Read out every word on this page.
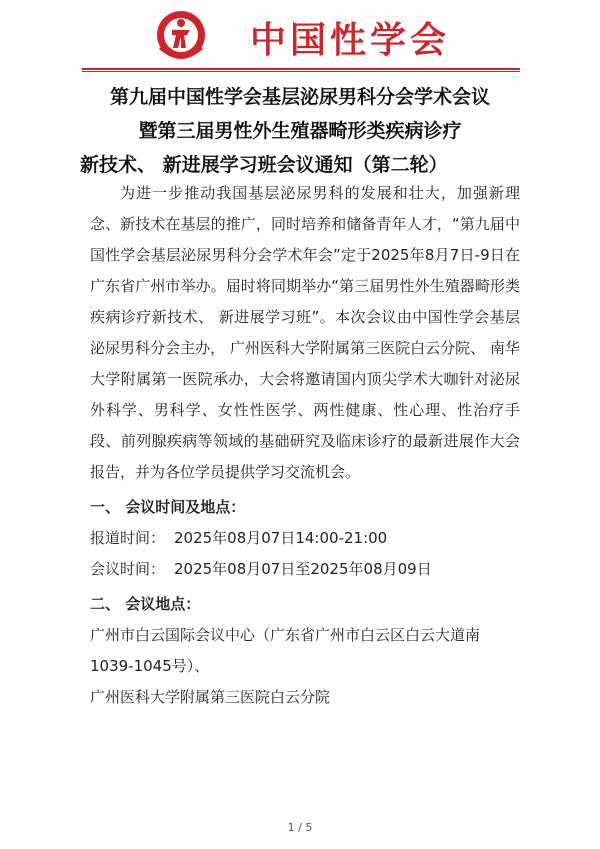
中国性学会
第九届中国性学会基层泌尿男科分会学术会议
暨第三届男性外生殖器畸形类疾病诊疗
新技术、 新进展学习班会议通知（第二轮）

为进一步推动我国基层泌尿男科的发展和壮大，加强新理念、新技术在基层的推广，同时培养和储备青年人才，“第九届中国性学会基层泌尿男科分会学术年会”定于2025年8月7日-9日在广东省广州市举办。届时将同期举办“第三届男性外生殖器畸形类疾病诊疗新技术、 新进展学习班”。本次会议由中国性学会基层泌尿男科分会主办， 广州医科大学附属第三医院白云分院、 南华大学附属第一医院承办，大会将邀请国内顶尖学术大咖针对泌尿外科学、男科学、女性性医学、两性健康、性心理、性治疗手段、前列腺疾病等领域的基础研究及临床诊疗的最新进展作大会报告，并为各位学员提供学习交流机会。

一、 会议时间及地点：
报道时间： 2025年08月07日14:00-21:00
会议时间： 2025年08月07日至2025年08月09日
二、 会议地点：
广州市白云国际会议中心（广东省广州市白云区白云大道南1039-1045号）、
广州医科大学附属第三医院白云分院
1 / 5
